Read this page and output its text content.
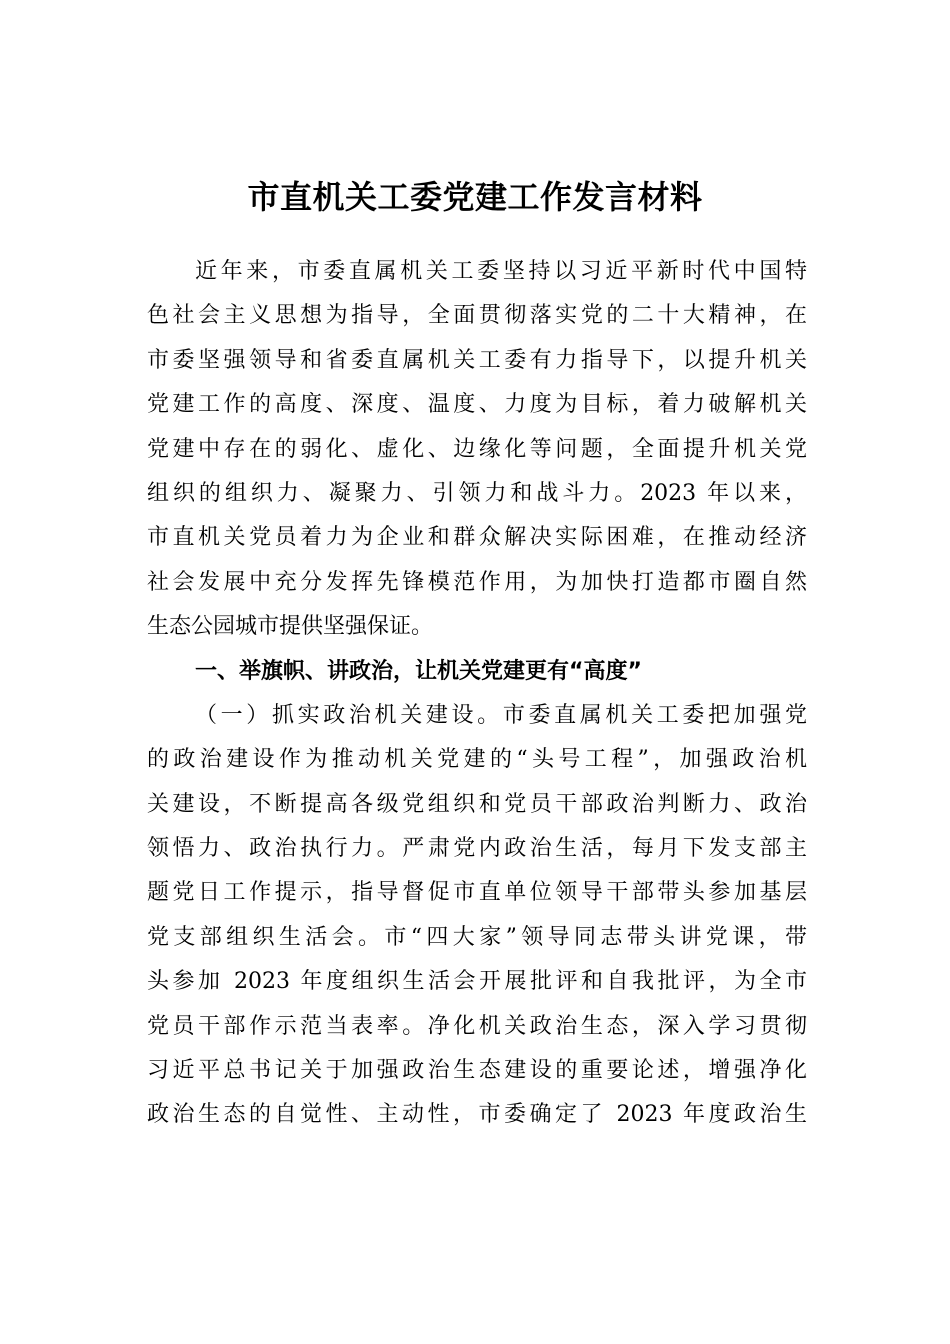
市直机关工委党建工作发言材料
近年来，市委直属机关工委坚持以习近平新时代中国特
色社会主义思想为指导，全面贯彻落实党的二十大精神，在
市委坚强领导和省委直属机关工委有力指导下，以提升机关
党建工作的高度、深度、温度、力度为目标，着力破解机关
党建中存在的弱化、虚化、边缘化等问题，全面提升机关党
组织的组织力、凝聚力、引领力和战斗力。2023 年以来，
市直机关党员着力为企业和群众解决实际困难，在推动经济
社会发展中充分发挥先锋模范作用，为加快打造都市圈自然
生态公园城市提供坚强保证。
一、举旗帜、讲政治，让机关党建更有“高度”
（一）抓实政治机关建设。市委直属机关工委把加强党
的政治建设作为推动机关党建的“头号工程”，加强政治机
关建设，不断提高各级党组织和党员干部政治判断力、政治
领悟力、政治执行力。严肃党内政治生活，每月下发支部主
题党日工作提示，指导督促市直单位领导干部带头参加基层
党支部组织生活会。市“四大家”领导同志带头讲党课，带
头参加 2023 年度组织生活会开展批评和自我批评，为全市
党员干部作示范当表率。净化机关政治生态，深入学习贯彻
习近平总书记关于加强政治生态建设的重要论述，增强净化
政治生态的自觉性、主动性，市委确定了 2023 年度政治生
